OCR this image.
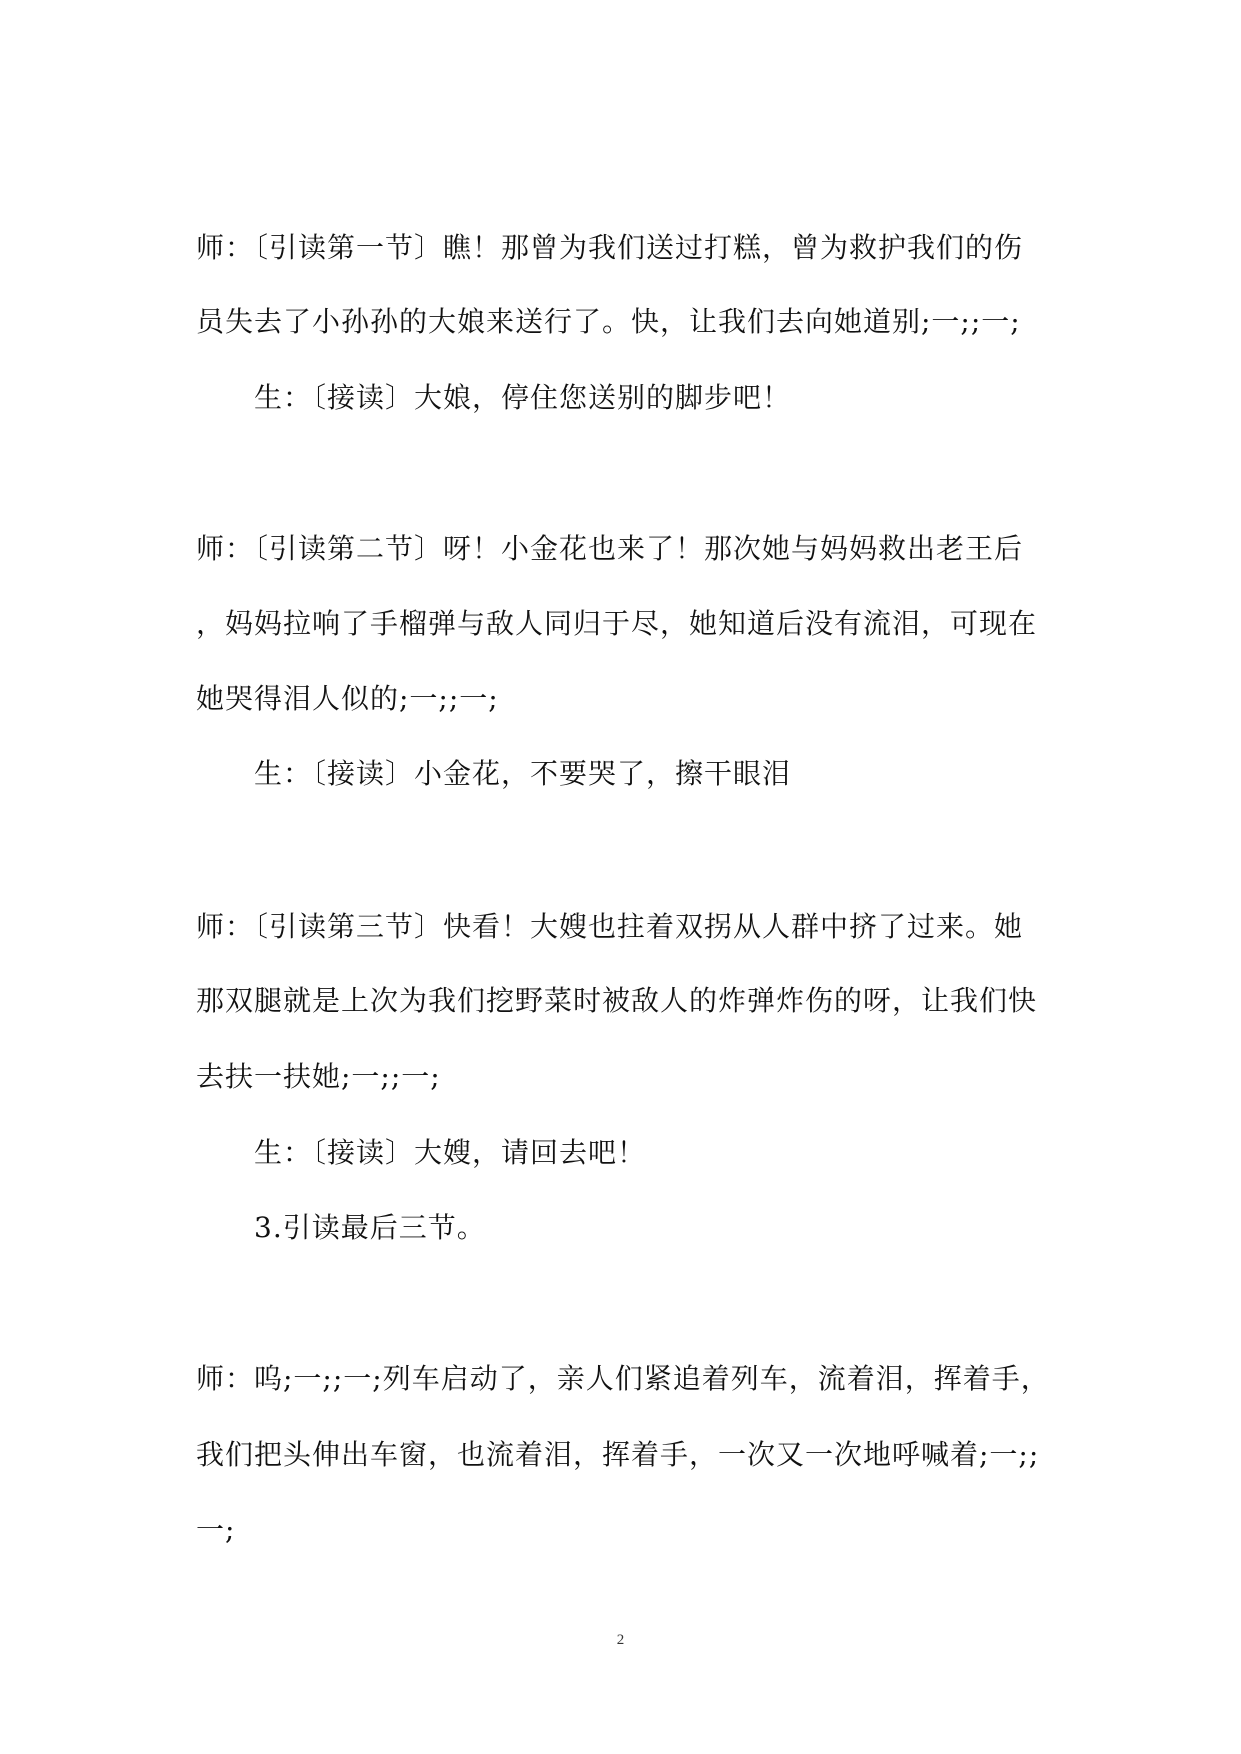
师：〔引读第一节〕瞧！那曾为我们送过打糕，曾为救护我们的伤
员失去了小孙孙的大娘来送行了。快，让我们去向她道别;一;;一;
生：〔接读〕大娘，停住您送别的脚步吧！
师：〔引读第二节〕呀！小金花也来了！那次她与妈妈救出老王后
，妈妈拉响了手榴弹与敌人同归于尽，她知道后没有流泪，可现在
她哭得泪人似的;一;;一;
生：〔接读〕小金花，不要哭了，擦干眼泪
师：〔引读第三节〕快看！大嫂也拄着双拐从人群中挤了过来。她
那双腿就是上次为我们挖野菜时被敌人的炸弹炸伤的呀，让我们快
去扶一扶她;一;;一;
生：〔接读〕大嫂，请回去吧！
3.引读最后三节。
师：呜;一;;一;列车启动了，亲人们紧追着列车，流着泪，挥着手，
我们把头伸出车窗，也流着泪，挥着手，一次又一次地呼喊着;一;;
一;
2
